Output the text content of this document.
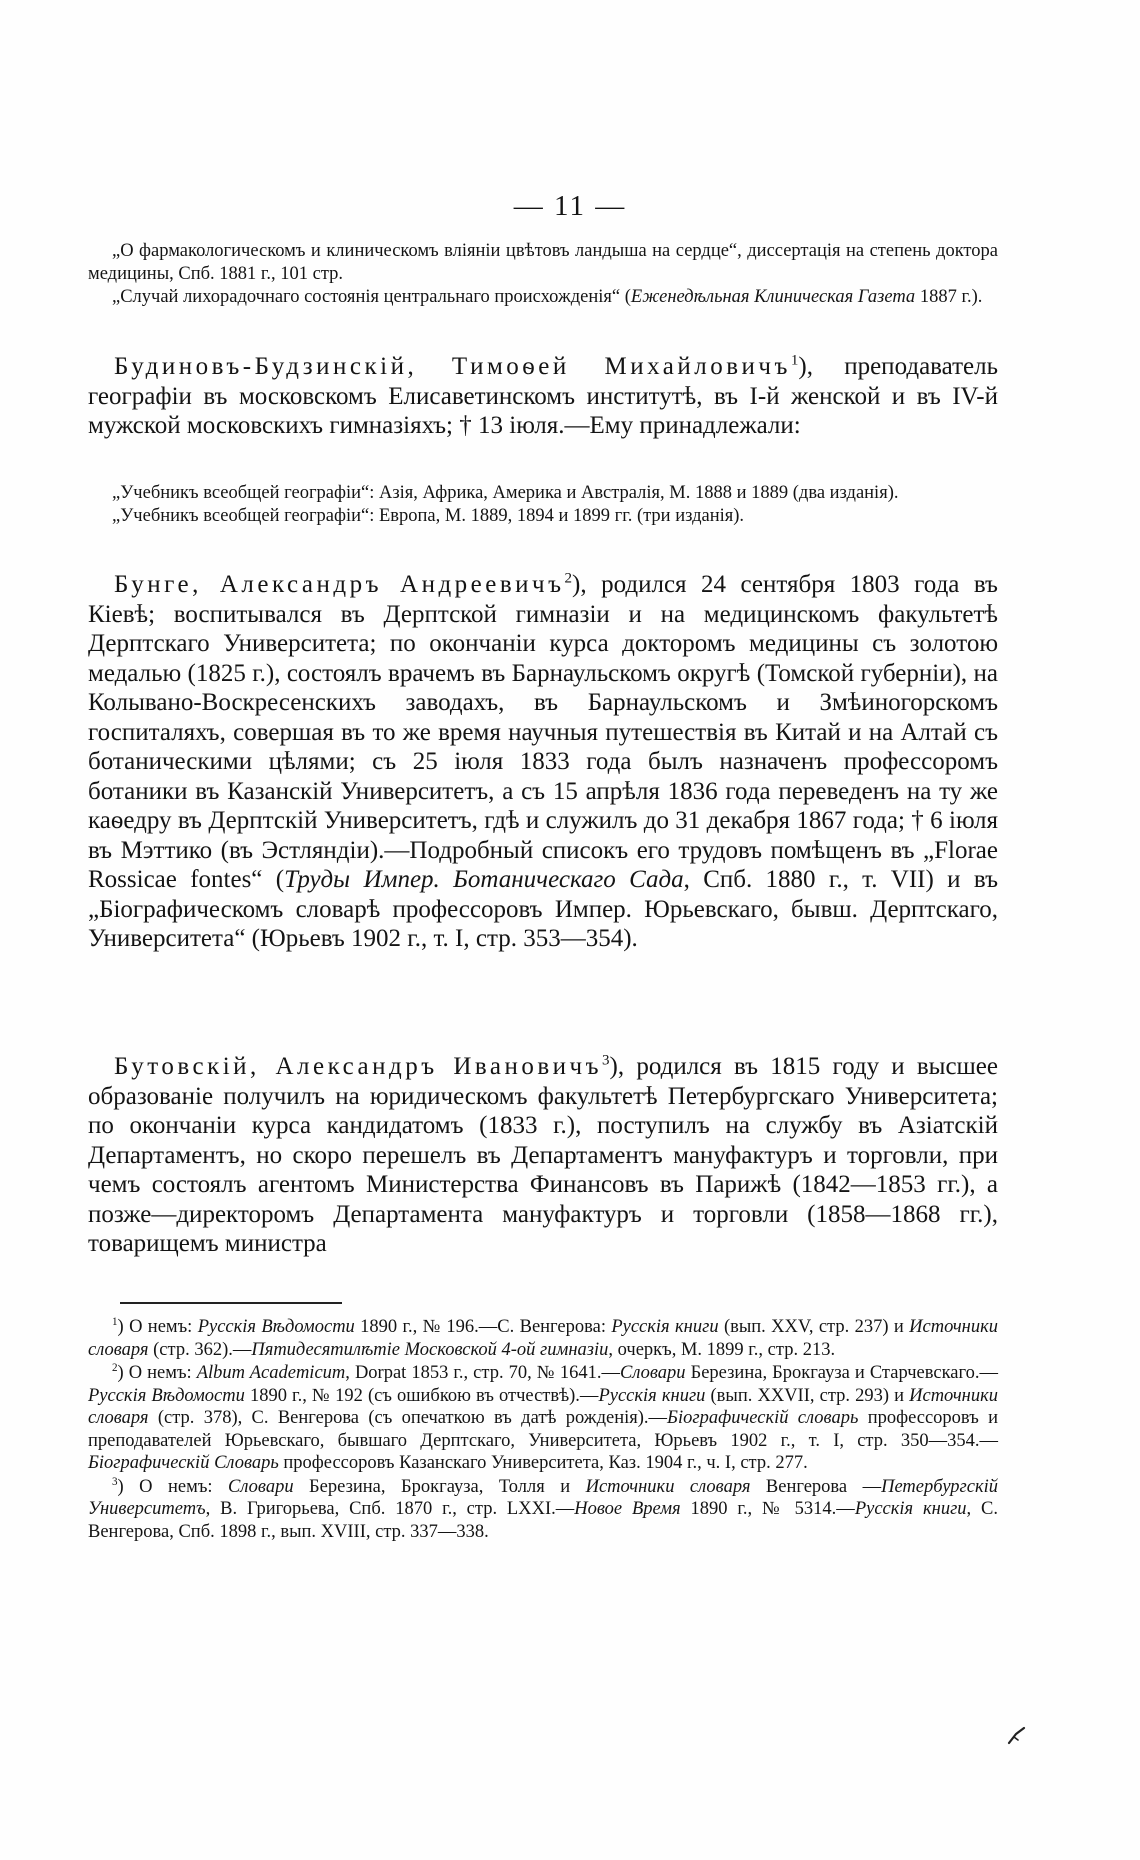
— 11 —

„О фармакологическомъ и клиническомъ вліяніи цвѣтовъ ландыша на сердце“, диссертація на степень доктора медицины, Спб. 1881 г., 101 стр.

„Случай лихорадочнаго состоянія центральнаго происхожденія“ (Еженедѣльная Клиническая Газета 1887 г.).

Будиновъ-Будзинскій, Тимоѳей Михайловичъ$^1$), преподаватель географіи въ московскомъ Елисаветинскомъ институтѣ, въ I-й женской и въ IV-й мужской московскихъ гимназіяхъ; † 13 іюля.—Ему принадлежали:

„Учебникъ всеобщей географіи“: Азія, Африка, Америка и Австралія, М. 1888 и 1889 (два изданія).

„Учебникъ всеобщей географіи“: Европа, М. 1889, 1894 и 1899 гг. (три изданія).

Бунге, Александръ Андреевичъ$^2$), родился 24 сентября 1803 года въ Кіевѣ; воспитывался въ Дерптской гимназіи и на медицинскомъ факультетѣ Дерптскаго Университета; по окончаніи курса докторомъ медицины съ золотою медалью (1825 г.), состоялъ врачемъ въ Барнаульскомъ округѣ (Томской губерніи), на Колывано-Воскресенскихъ заводахъ, въ Барнаульскомъ и Змѣиногорскомъ госпиталяхъ, совершая въ то же время научныя путешествія въ Китай и на Алтай съ ботаническими цѣлями; съ 25 іюля 1833 года былъ назначенъ профессоромъ ботаники въ Казанскій Университетъ, а съ 15 апрѣля 1836 года переведенъ на ту же каѳедру въ Дерптскій Университетъ, гдѣ и служилъ до 31 декабря 1867 года; † 6 іюля въ Мэттико (въ Эстляндіи).—Подробный списокъ его трудовъ помѣщенъ въ „Florae Rossicae fontes“ (Труды Импер. Ботаническаго Сада, Спб. 1880 г., т. VII) и въ „Біографическомъ словарѣ профессоровъ Импер. Юрьевскаго, бывш. Дерптскаго, Университета“ (Юрьевъ 1902 г., т. I, стр. 353—354).

Бутовскій, Александръ Ивановичъ$^3$), родился въ 1815 году и высшее образованіе получилъ на юридическомъ факультетѣ Петербургскаго Университета; по окончаніи курса кандидатомъ (1833 г.), поступилъ на службу въ Азіатскій Департаментъ, но скоро перешелъ въ Департаментъ мануфактуръ и торговли, при чемъ состоялъ агентомъ Министерства Финансовъ въ Парижѣ (1842—1853 гг.), а позже—директоромъ Департамента мануфактуръ и торговли (1858—1868 гг.), товарищемъ министра

$^1$) О немъ: Русскія Вѣдомости 1890 г., № 196.—С. Венгерова: Русскія книги (вып. XXV, стр. 237) и Источники словаря (стр. 362).—Пятидесятилѣтіе Московской 4-ой гимназіи, очеркъ, М. 1899 г., стр. 213.

$^2$) О немъ: Album Academicum, Dorpat 1853 г., стр. 70, № 1641.—Словари Березина, Брокгауза и Старчевскаго.—Русскія Вѣдомости 1890 г., № 192 (съ ошибкою въ отчествѣ).—Русскія книги (вып. XXVII, стр. 293) и Источники словаря (стр. 378), С. Венгерова (съ опечаткою въ датѣ рожденія).—Біографическій словарь профессоровъ и преподавателей Юрьевскаго, бывшаго Дерптскаго, Университета, Юрьевъ 1902 г., т. I, стр. 350—354.—Біографическій Словарь профессоровъ Казанскаго Университета, Каз. 1904 г., ч. I, стр. 277.

$^3$) О немъ: Словари Березина, Брокгауза, Толля и Источники словаря Венгерова —Петербургскій Университетъ, В. Григорьева, Спб. 1870 г., стр. LXXI.—Новое Время 1890 г., № 5314.—Русскія книги, С. Венгерова, Спб. 1898 г., вып. XVIII, стр. 337—338.
